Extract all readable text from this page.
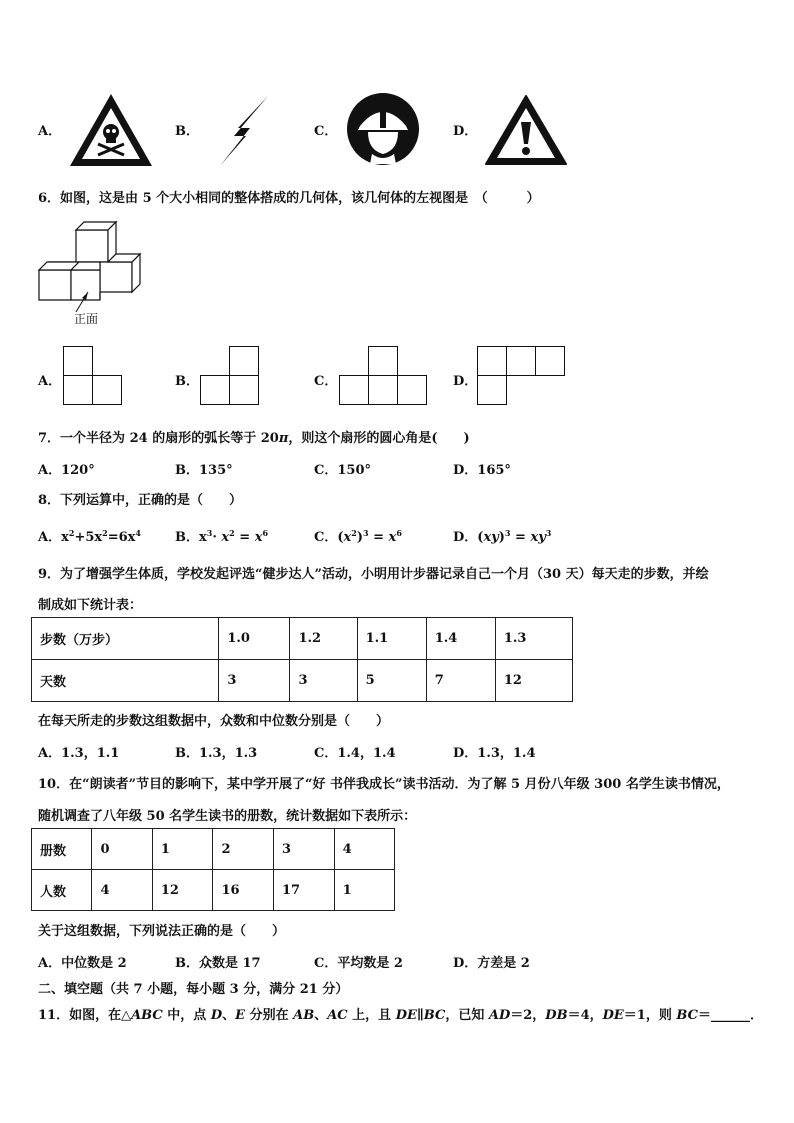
A．	B．	C．	D．
6．如图，这是由 5 个大小相同的整体搭成的几何体，该几何体的左视图是　（　　　）
正面
A．	B．	C．	D．
7．一个半径为 24 的扇形的弧长等于 20π，则这个扇形的圆心角是(　　)
A．120°	B．135°	C．150°	D．165°
8．下列运算中，正确的是（　　）
A．$x^2+5x^2=6x^4$	B．$x^3\cdot x^2 = x^6$	C．$(x^2)^3 = x^6$	D．$(xy)^3 = xy^3$
9．为了增强学生体质，学校发起评选“健步达人”活动，小明用计步器记录自己一个月（30 天）每天走的步数，并绘
制成如下统计表：
步数（万步）	1.0	1.2	1.1	1.4	1.3
天数	3	3	5	7	12
在每天所走的步数这组数据中，众数和中位数分别是（　　）
A．1.3，1.1	B．1.3，1.3	C．1.4，1.4	D．1.3，1.4
10．在“朗读者”节目的影响下，某中学开展了“好 书伴我成长”读书活动．为了解 5 月份八年级 300 名学生读书情况，
随机调查了八年级 50 名学生读书的册数，统计数据如下表所示：
册数	0	1	2	3	4
人数	4	12	16	17	1
关于这组数据，下列说法正确的是（　　）
A．中位数是 2	B．众数是 17	C．平均数是 2	D．方差是 2
二、填空题（共 7 小题，每小题 3 分，满分 21 分）
11．如图，在△ABC 中，点 D、E 分别在 AB、AC 上，且 DE∥BC，已知 AD＝2，DB＝4，DE＝1，则 BC＝______．
